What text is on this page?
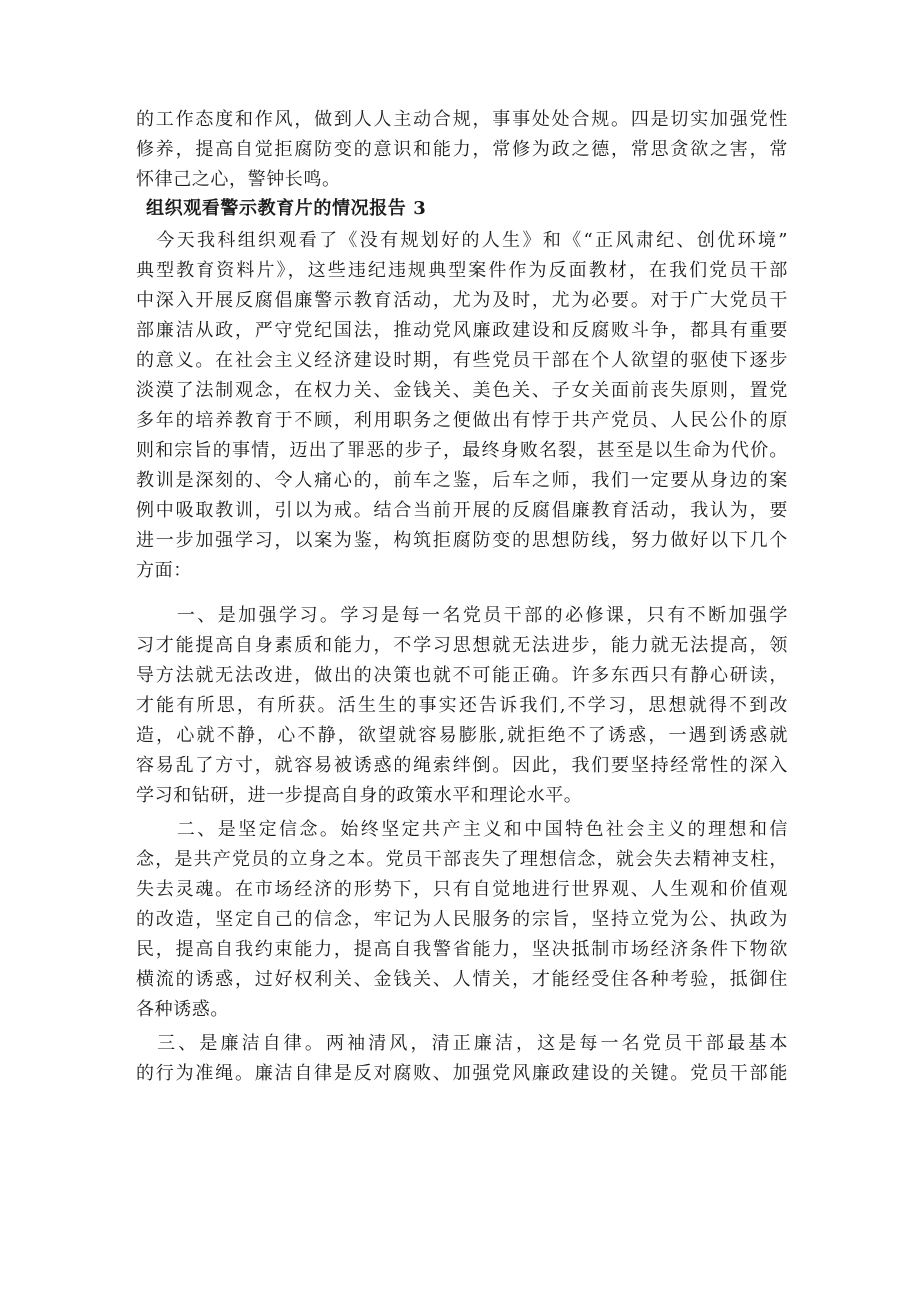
的工作态度和作风，做到人人主动合规，事事处处合规。四是切实加强党性
修养，提高自觉拒腐防变的意识和能力，常修为政之德，常思贪欲之害，常
怀律己之心，警钟长鸣。
组织观看警示教育片的情况报告 3
　今天我科组织观看了《没有规划好的人生》和《“正风肃纪、创优环境”
典型教育资料片》，这些违纪违规典型案件作为反面教材，在我们党员干部
中深入开展反腐倡廉警示教育活动，尤为及时，尤为必要。对于广大党员干
部廉洁从政，严守党纪国法，推动党风廉政建设和反腐败斗争，都具有重要
的意义。在社会主义经济建设时期，有些党员干部在个人欲望的驱使下逐步
淡漠了法制观念，在权力关、金钱关、美色关、子女关面前丧失原则，置党
多年的培养教育于不顾，利用职务之便做出有悖于共产党员、人民公仆的原
则和宗旨的事情，迈出了罪恶的步子，最终身败名裂，甚至是以生命为代价。
教训是深刻的、令人痛心的，前车之鉴，后车之师，我们一定要从身边的案
例中吸取教训，引以为戒。结合当前开展的反腐倡廉教育活动，我认为，要
进一步加强学习，以案为鉴，构筑拒腐防变的思想防线，努力做好以下几个
方面：
　　一、是加强学习。学习是每一名党员干部的必修课，只有不断加强学
习才能提高自身素质和能力，不学习思想就无法进步，能力就无法提高，领
导方法就无法改进，做出的决策也就不可能正确。许多东西只有静心研读，
才能有所思，有所获。活生生的事实还告诉我们,不学习，思想就得不到改
造，心就不静，心不静，欲望就容易膨胀,就拒绝不了诱惑，一遇到诱惑就
容易乱了方寸，就容易被诱惑的绳索绊倒。因此，我们要坚持经常性的深入
学习和钻研，进一步提高自身的政策水平和理论水平。
　　二、是坚定信念。始终坚定共产主义和中国特色社会主义的理想和信
念，是共产党员的立身之本。党员干部丧失了理想信念，就会失去精神支柱，
失去灵魂。在市场经济的形势下，只有自觉地进行世界观、人生观和价值观
的改造，坚定自己的信念，牢记为人民服务的宗旨，坚持立党为公、执政为
民，提高自我约束能力，提高自我警省能力，坚决抵制市场经济条件下物欲
横流的诱惑，过好权利关、金钱关、人情关，才能经受住各种考验，抵御住
各种诱惑。
　三、是廉洁自律。两袖清风，清正廉洁，这是每一名党员干部最基本
的行为准绳。廉洁自律是反对腐败、加强党风廉政建设的关键。党员干部能
